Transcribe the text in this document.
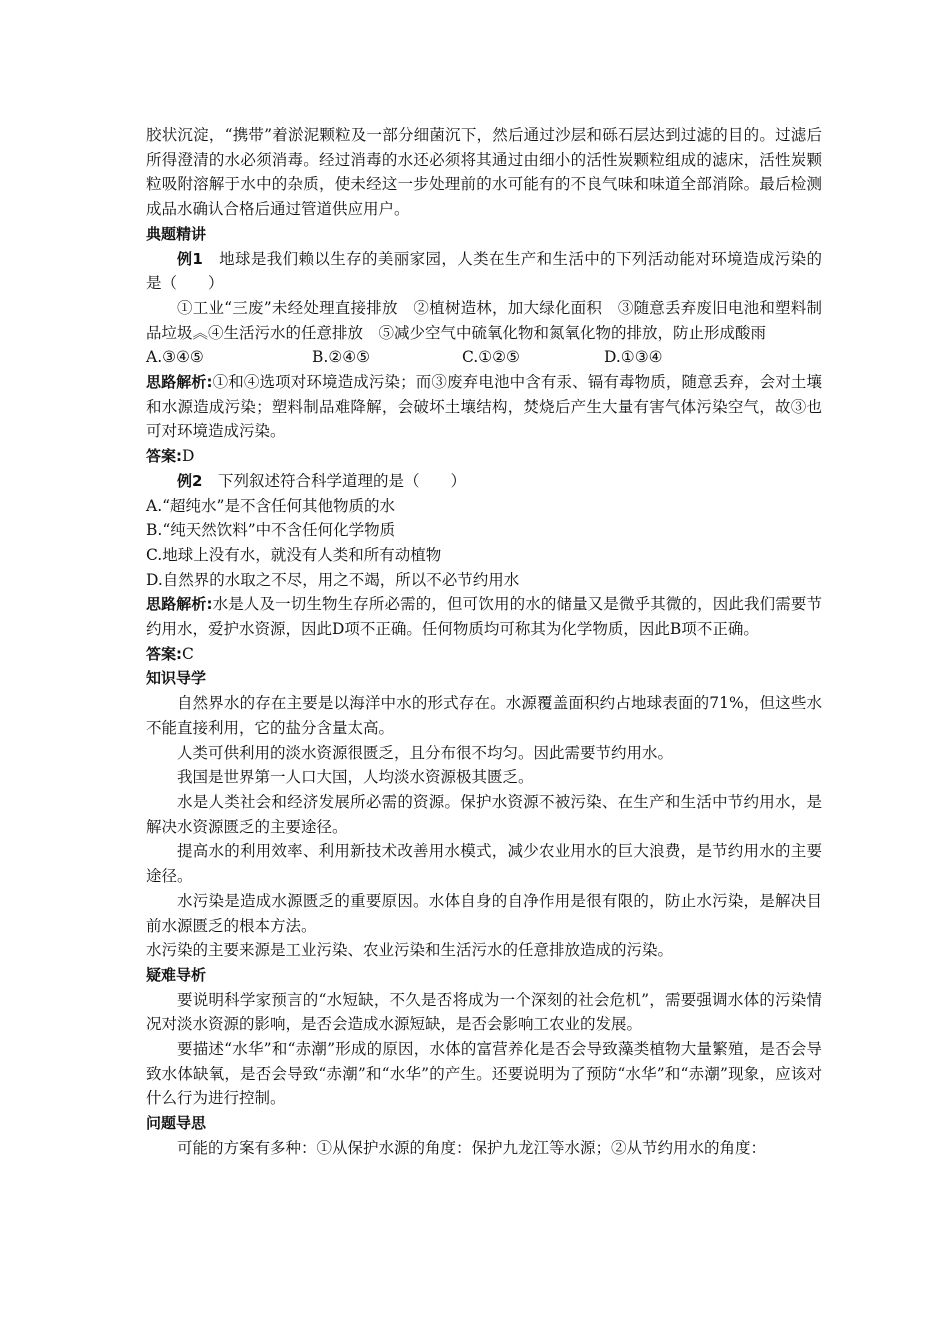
胶状沉淀，“携带”着淤泥颗粒及一部分细菌沉下，然后通过沙层和砾石层达到过滤的目的。过滤后所得澄清的水必须消毒。经过消毒的水还必须将其通过由细小的活性炭颗粒组成的滤床，活性炭颗粒吸附溶解于水中的杂质，使未经这一步处理前的水可能有的不良气味和味道全部消除。最后检测成品水确认合格后通过管道供应用户。

典题精讲

例1　 地球是我们赖以生存的美丽家园，人类在生产和生活中的下列活动能对环境造成污染的是（　　）

①工业“三废”未经处理直接排放　②植树造林，加大绿化面积　③随意丢弃废旧电池和塑料制品垃圾︽④生活污水的任意排放　⑤减少空气中硫氧化物和氮氧化物的排放，防止形成酸雨

A.③④⑤	B.②④⑤	C.①②⑤	D.①③④

思路解析:①和④选项对环境造成污染；而③废弃电池中含有汞、镉有毒物质，随意丢弃，会对土壤和水源造成污染；塑料制品难降解，会破坏土壤结构，焚烧后产生大量有害气体污染空气，故③也可对环境造成污染。

答案:D

例2　 下列叙述符合科学道理的是（　　）

A.“超纯水”是不含任何其他物质的水

B.“纯天然饮料”中不含任何化学物质

C.地球上没有水，就没有人类和所有动植物

D.自然界的水取之不尽，用之不竭，所以不必节约用水

思路解析:水是人及一切生物生存所必需的，但可饮用的水的储量又是微乎其微的，因此我们需要节约用水，爱护水资源，因此D项不正确。任何物质均可称其为化学物质，因此B项不正确。

答案:C

知识导学

自然界水的存在主要是以海洋中水的形式存在。水源覆盖面积约占地球表面的71%，但这些水不能直接利用，它的盐分含量太高。

人类可供利用的淡水资源很匮乏，且分布很不均匀。因此需要节约用水。

我国是世界第一人口大国，人均淡水资源极其匮乏。

水是人类社会和经济发展所必需的资源。保护水资源不被污染、在生产和生活中节约用水，是解决水资源匮乏的主要途径。

提高水的利用效率、利用新技术改善用水模式，减少农业用水的巨大浪费，是节约用水的主要途径。

水污染是造成水源匮乏的重要原因。水体自身的自净作用是很有限的，防止水污染，是解决目前水源匮乏的根本方法。

水污染的主要来源是工业污染、农业污染和生活污水的任意排放造成的污染。

疑难导析

要说明科学家预言的“水短缺，不久是否将成为一个深刻的社会危机”，需要强调水体的污染情况对淡水资源的影响，是否会造成水源短缺，是否会影响工农业的发展。

要描述“水华”和“赤潮”形成的原因，水体的富营养化是否会导致藻类植物大量繁殖，是否会导致水体缺氧，是否会导致“赤潮”和“水华”的产生。还要说明为了预防“水华”和“赤潮”现象，应该对什么行为进行控制。

问题导思

可能的方案有多种：①从保护水源的角度：保护九龙江等水源；②从节约用水的角度：
